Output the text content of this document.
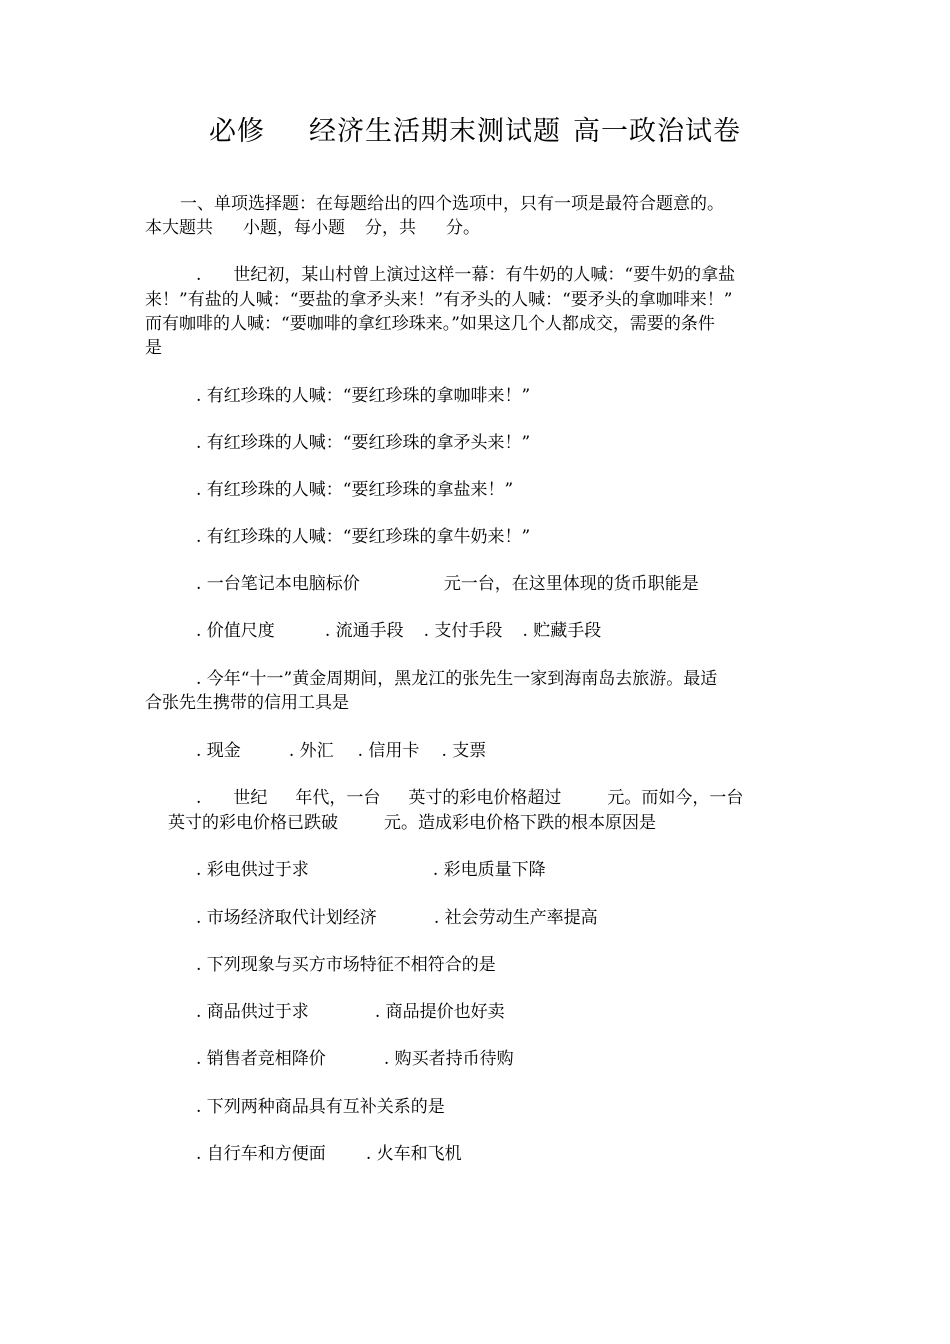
必修 经济生活期末测试题 高一政治试卷
一、单项选择题：在每题给出的四个选项中，只有一项是最符合题意的。
本大题共 小题，每小题 分，共 分。
. 世纪初，某山村曾上演过这样一幕：有牛奶的人喊：“要牛奶的拿盐
来！”有盐的人喊：“要盐的拿矛头来！”有矛头的人喊：“要矛头的拿咖啡来！”
而有咖啡的人喊：“要咖啡的拿红珍珠来。”如果这几个人都成交，需要的条件
是
. 有红珍珠的人喊：“要红珍珠的拿咖啡来！”
. 有红珍珠的人喊：“要红珍珠的拿矛头来！”
. 有红珍珠的人喊：“要红珍珠的拿盐来！”
. 有红珍珠的人喊：“要红珍珠的拿牛奶来！”
. 一台笔记本电脑标价	元一台，在这里体现的货币职能是
. 价值尺度	. 流通手段 . 支付手段 . 贮藏手段
. 今年“十一”黄金周期间，黑龙江的张先生一家到海南岛去旅游。最适
合张先生携带的信用工具是
. 现金	. 外汇 . 信用卡 . 支票
. 世纪 年代，一台 英寸的彩电价格超过	元。而如今，一台
英寸的彩电价格已跌破	元。造成彩电价格下跌的根本原因是
. 彩电供过于求	. 彩电质量下降
. 市场经济取代计划经济	. 社会劳动生产率提高
. 下列现象与买方市场特征不相符合的是
. 商品供过于求	. 商品提价也好卖
. 销售者竞相降价	. 购买者持币待购
. 下列两种商品具有互补关系的是
. 自行车和方便面 . 火车和飞机
